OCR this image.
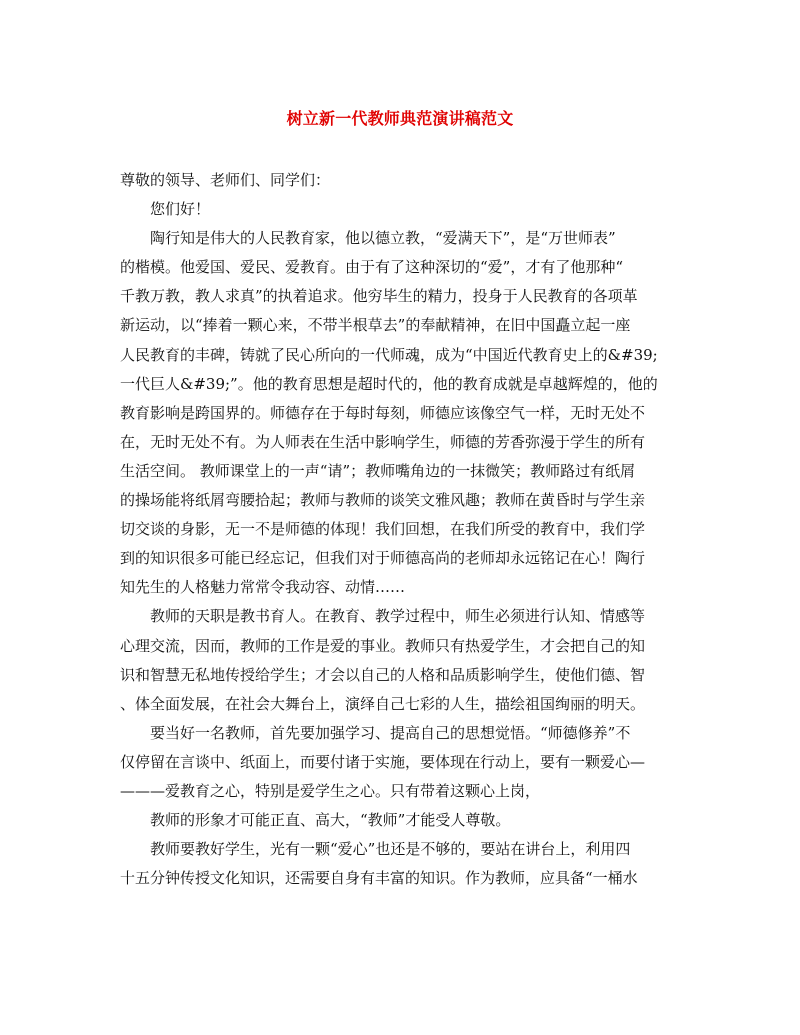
树立新一代教师典范演讲稿范文
尊敬的领导、老师们、同学们：
您们好！
陶行知是伟大的人民教育家，他以德立教，“爱满天下”，是“万世师表”
的楷模。他爱国、爱民、爱教育。由于有了这种深切的“爱”，才有了他那种“
千教万教，教人求真”的执着追求。他穷毕生的精力，投身于人民教育的各项革
新运动，以“捧着一颗心来，不带半根草去”的奉献精神，在旧中国矗立起一座
人民教育的丰碑，铸就了民心所向的一代师魂，成为“中国近代教育史上的&#39;
一代巨人&#39;”。他的教育思想是超时代的，他的教育成就是卓越辉煌的，他的
教育影响是跨国界的。师德存在于每时每刻，师德应该像空气一样，无时无处不
在，无时无处不有。为人师表在生活中影响学生，师德的芳香弥漫于学生的所有
生活空间。 教师课堂上的一声“请”；教师嘴角边的一抹微笑；教师路过有纸屑
的操场能将纸屑弯腰拾起；教师与教师的谈笑文雅风趣；教师在黄昏时与学生亲
切交谈的身影，无一不是师德的体现！我们回想，在我们所受的教育中，我们学
到的知识很多可能已经忘记，但我们对于师德高尚的老师却永远铭记在心！陶行
知先生的人格魅力常常令我动容、动情……
教师的天职是教书育人。在教育、教学过程中，师生必须进行认知、情感等
心理交流，因而，教师的工作是爱的事业。教师只有热爱学生，才会把自己的知
识和智慧无私地传授给学生；才会以自己的人格和品质影响学生，使他们德、智
、体全面发展，在社会大舞台上，演绎自己七彩的人生，描绘祖国绚丽的明天。
要当好一名教师，首先要加强学习、提高自己的思想觉悟。“师德修养”不
仅停留在言谈中、纸面上，而要付诸于实施，要体现在行动上，要有一颗爱心—
———爱教育之心，特别是爱学生之心。只有带着这颗心上岗，
教师的形象才可能正直、高大，“教师”才能受人尊敬。
教师要教好学生，光有一颗“爱心”也还是不够的，要站在讲台上，利用四
十五分钟传授文化知识，还需要自身有丰富的知识。作为教师，应具备“一桶水
